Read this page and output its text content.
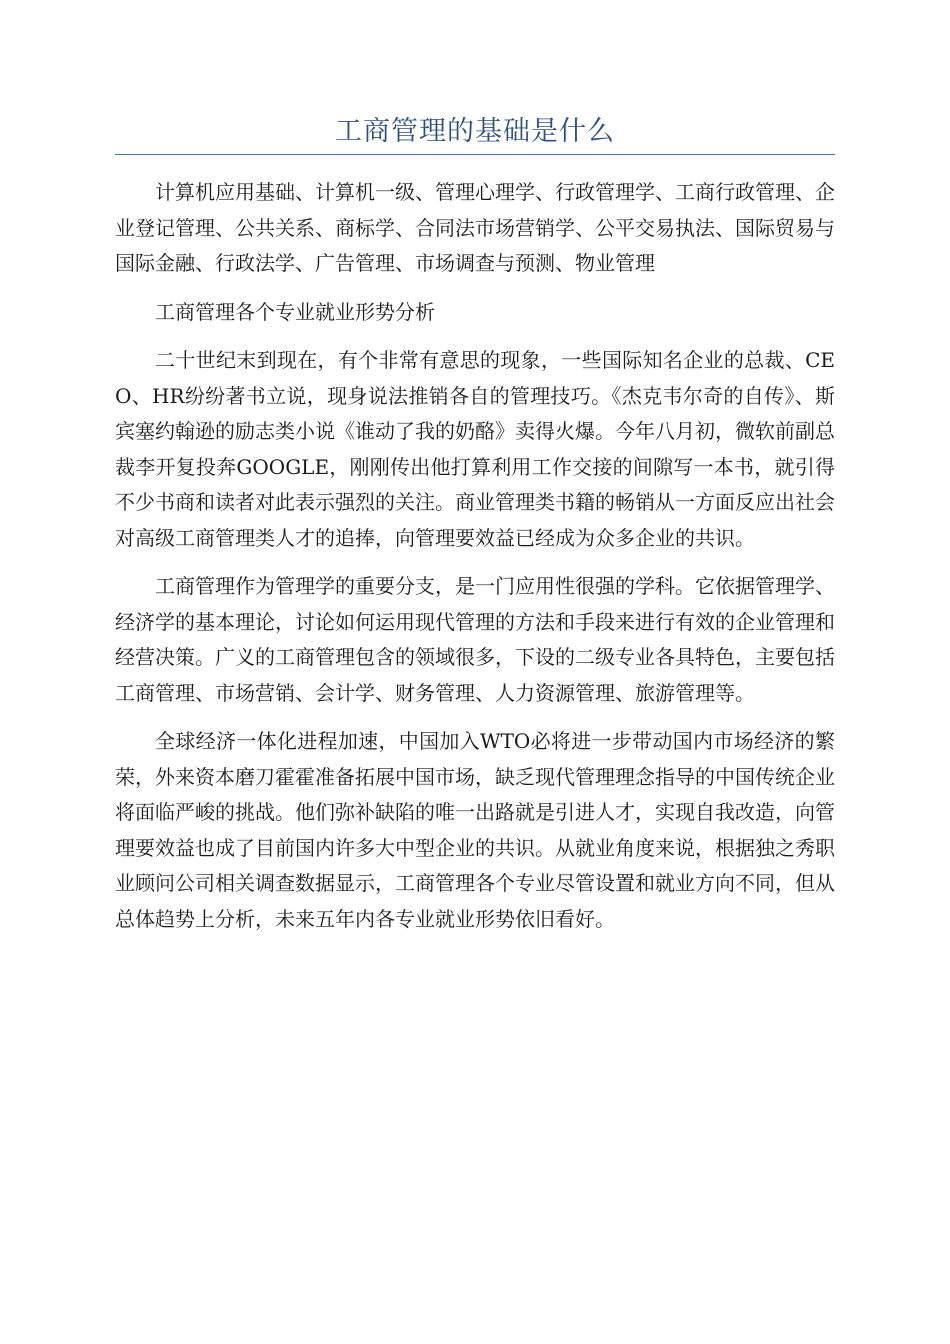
工商管理的基础是什么

计算机应用基础、计算机一级、管理心理学、行政管理学、工商行政管理、企业登记管理、公共关系、商标学、合同法市场营销学、公平交易执法、国际贸易与国际金融、行政法学、广告管理、市场调查与预测、物业管理

工商管理各个专业就业形势分析

二十世纪末到现在，有个非常有意思的现象，一些国际知名企业的总裁、CEO、HR纷纷著书立说，现身说法推销各自的管理技巧。《杰克韦尔奇的自传》、斯宾塞约翰逊的励志类小说《谁动了我的奶酪》卖得火爆。今年八月初，微软前副总裁李开复投奔GOOGLE，刚刚传出他打算利用工作交接的间隙写一本书，就引得不少书商和读者对此表示强烈的关注。商业管理类书籍的畅销从一方面反应出社会对高级工商管理类人才的追捧，向管理要效益已经成为众多企业的共识。

工商管理作为管理学的重要分支，是一门应用性很强的学科。它依据管理学、经济学的基本理论，讨论如何运用现代管理的方法和手段来进行有效的企业管理和经营决策。广义的工商管理包含的领域很多，下设的二级专业各具特色，主要包括工商管理、市场营销、会计学、财务管理、人力资源管理、旅游管理等。

全球经济一体化进程加速，中国加入WTO必将进一步带动国内市场经济的繁荣，外来资本磨刀霍霍准备拓展中国市场，缺乏现代管理理念指导的中国传统企业将面临严峻的挑战。他们弥补缺陷的唯一出路就是引进人才，实现自我改造，向管理要效益也成了目前国内许多大中型企业的共识。从就业角度来说，根据独之秀职业顾问公司相关调查数据显示，工商管理各个专业尽管设置和就业方向不同，但从总体趋势上分析，未来五年内各专业就业形势依旧看好。
